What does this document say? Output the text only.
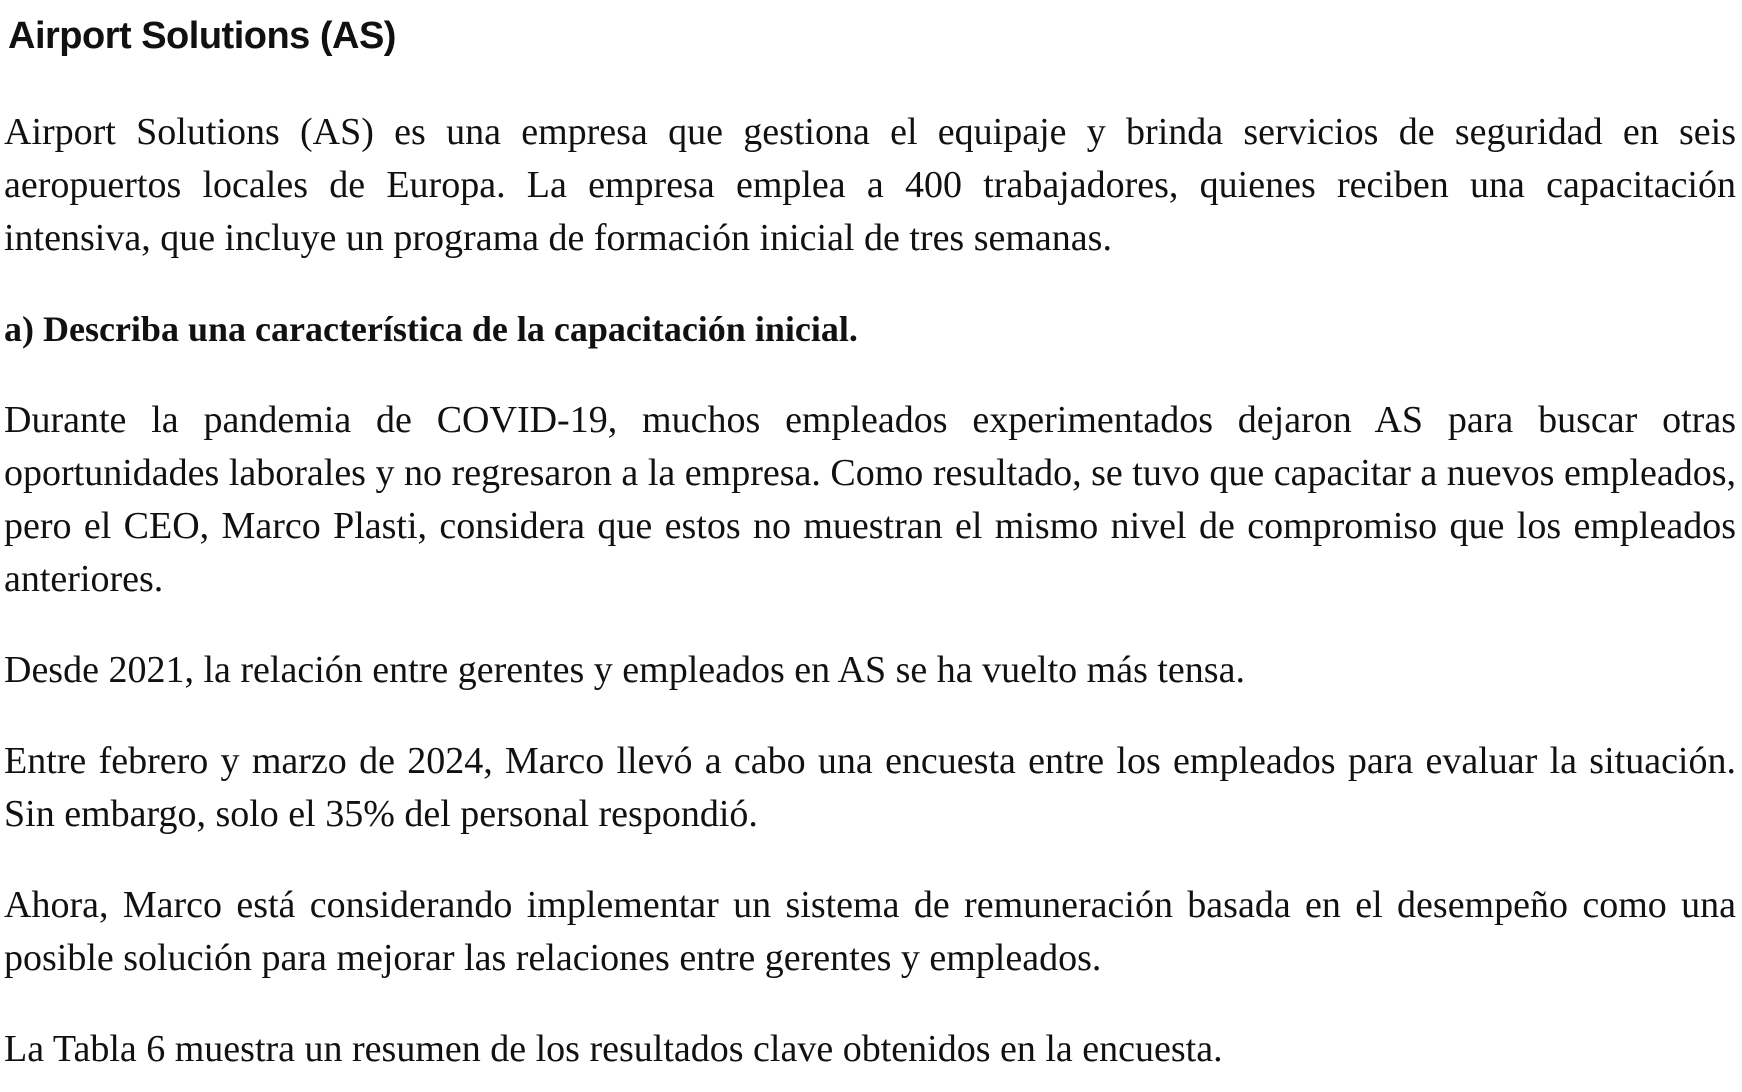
Airport Solutions (AS)

Airport Solutions (AS) es una empresa que gestiona el equipaje y brinda servicios de seguridad en seis aeropuertos locales de Europa. La empresa emplea a 400 trabajadores, quienes reciben una capacitación intensiva, que incluye un programa de formación inicial de tres semanas.

a) Describa una característica de la capacitación inicial.

Durante la pandemia de COVID-19, muchos empleados experimentados dejaron AS para buscar otras oportunidades laborales y no regresaron a la empresa. Como resultado, se tuvo que capacitar a nuevos empleados, pero el CEO, Marco Plasti, considera que estos no muestran el mismo nivel de compromiso que los empleados anteriores.

Desde 2021, la relación entre gerentes y empleados en AS se ha vuelto más tensa.

Entre febrero y marzo de 2024, Marco llevó a cabo una encuesta entre los empleados para evaluar la situación. Sin embargo, solo el 35% del personal respondió.

Ahora, Marco está considerando implementar un sistema de remuneración basada en el desempeño como una posible solución para mejorar las relaciones entre gerentes y empleados.

La Tabla 6 muestra un resumen de los resultados clave obtenidos en la encuesta.
